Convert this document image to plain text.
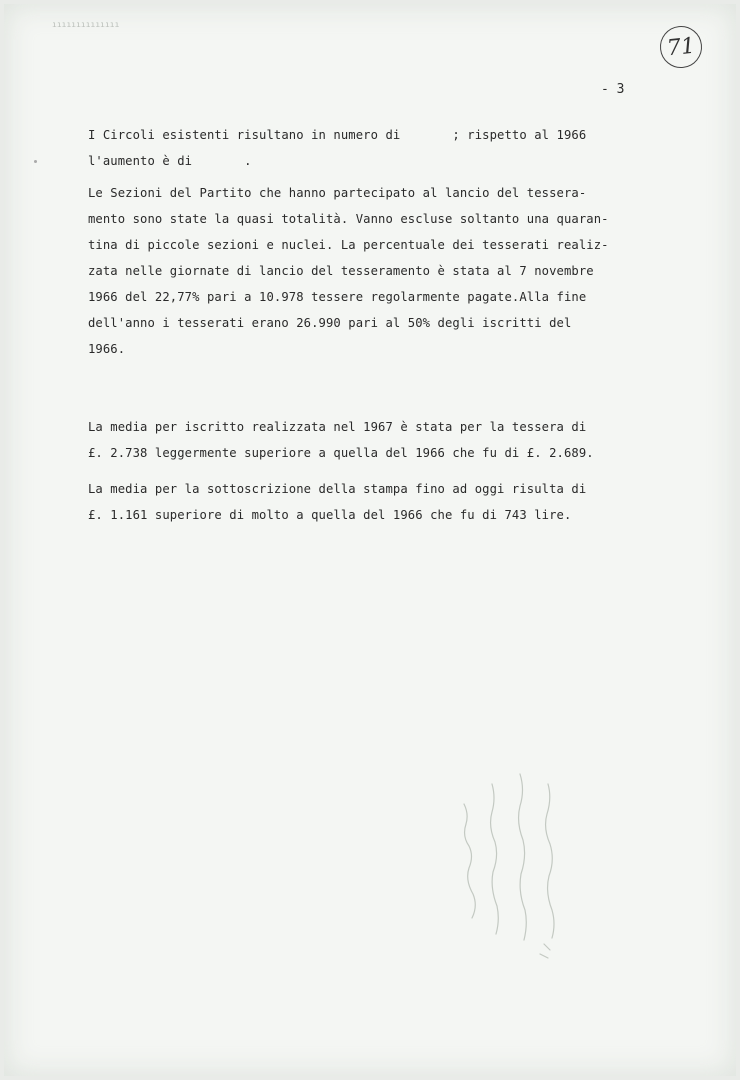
ıııııııııııııı
71
- 3
I Circoli esistenti risultano in numero di       ; rispetto al 1966
l'aumento è di       .
Le Sezioni del Partito che hanno partecipato al lancio del tessera-
mento sono state la quasi totalità. Vanno escluse soltanto una quaran-
tina di piccole sezioni e nuclei. La percentuale dei tesserati realiz-
zata nelle giornate di lancio del tesseramento è stata al 7 novembre
1966 del 22,77% pari a 10.978 tessere regolarmente pagate.Alla fine
dell'anno i tesserati erano 26.990 pari al 50% degli iscritti del
1966.
La media per iscritto realizzata nel 1967 è stata per la tessera di
£. 2.738 leggermente superiore a quella del 1966 che fu di £. 2.689.
La media per la sottoscrizione della stampa fino ad oggi risulta di
£. 1.161 superiore di molto a quella del 1966 che fu di 743 lire.
